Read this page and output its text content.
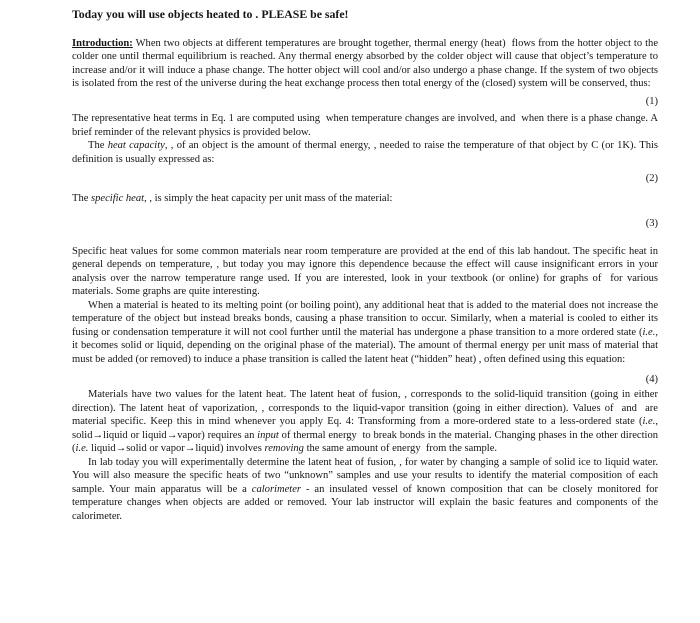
Today you will use objects heated to . PLEASE be safe!

Introduction: When two objects at different temperatures are brought together, thermal energy (heat)  flows from the hotter object to the colder one until thermal equilibrium is reached. Any thermal energy absorbed by the colder object will cause that object’s temperature to increase and/or it will induce a phase change. The hotter object will cool and/or also undergo a phase change. If the system of two objects is isolated from the rest of the universe during the heat exchange process then total energy of the (closed) system will be conserved, thus:

(1)

The representative heat terms in Eq. 1 are computed using  when temperature changes are involved, and  when there is a phase change. A brief reminder of the relevant physics is provided below.

The heat capacity, , of an object is the amount of thermal energy, , needed to raise the temperature of that object by C (or 1K). This definition is usually expressed as:

(2)

The specific heat, , is simply the heat capacity per unit mass of the material:

(3)

Specific heat values for some common materials near room temperature are provided at the end of this lab handout. The specific heat in general depends on temperature, , but today you may ignore this dependence because the effect will cause insignificant errors in your analysis over the narrow temperature range used. If you are interested, look in your textbook (or online) for graphs of  for various materials. Some graphs are quite interesting.

When a material is heated to its melting point (or boiling point), any additional heat that is added to the material does not increase the temperature of the object but instead breaks bonds, causing a phase transition to occur. Similarly, when a material is cooled to either its fusing or condensation temperature it will not cool further until the material has undergone a phase transition to a more ordered state (i.e., it becomes solid or liquid, depending on the original phase of the material). The amount of thermal energy per unit mass of material that must be added (or removed) to induce a phase transition is called the latent heat (“hidden” heat) , often defined using this equation:

(4)

Materials have two values for the latent heat. The latent heat of fusion, , corresponds to the solid-liquid transition (going in either direction). The latent heat of vaporization, , corresponds to the liquid-vapor transition (going in either direction). Values of  and  are material specific. Keep this in mind whenever you apply Eq. 4: Transforming from a more-ordered state to a less-ordered state (i.e., solid→liquid or liquid→vapor) requires an input of thermal energy  to break bonds in the material. Changing phases in the other direction (i.e. liquid→solid or vapor→liquid) involves removing the same amount of energy  from the sample.

In lab today you will experimentally determine the latent heat of fusion, , for water by changing a sample of solid ice to liquid water. You will also measure the specific heats of two “unknown” samples and use your results to identify the material composition of each sample. Your main apparatus will be a calorimeter - an insulated vessel of known composition that can be closely monitored for temperature changes when objects are added or removed. Your lab instructor will explain the basic features and components of the calorimeter.
